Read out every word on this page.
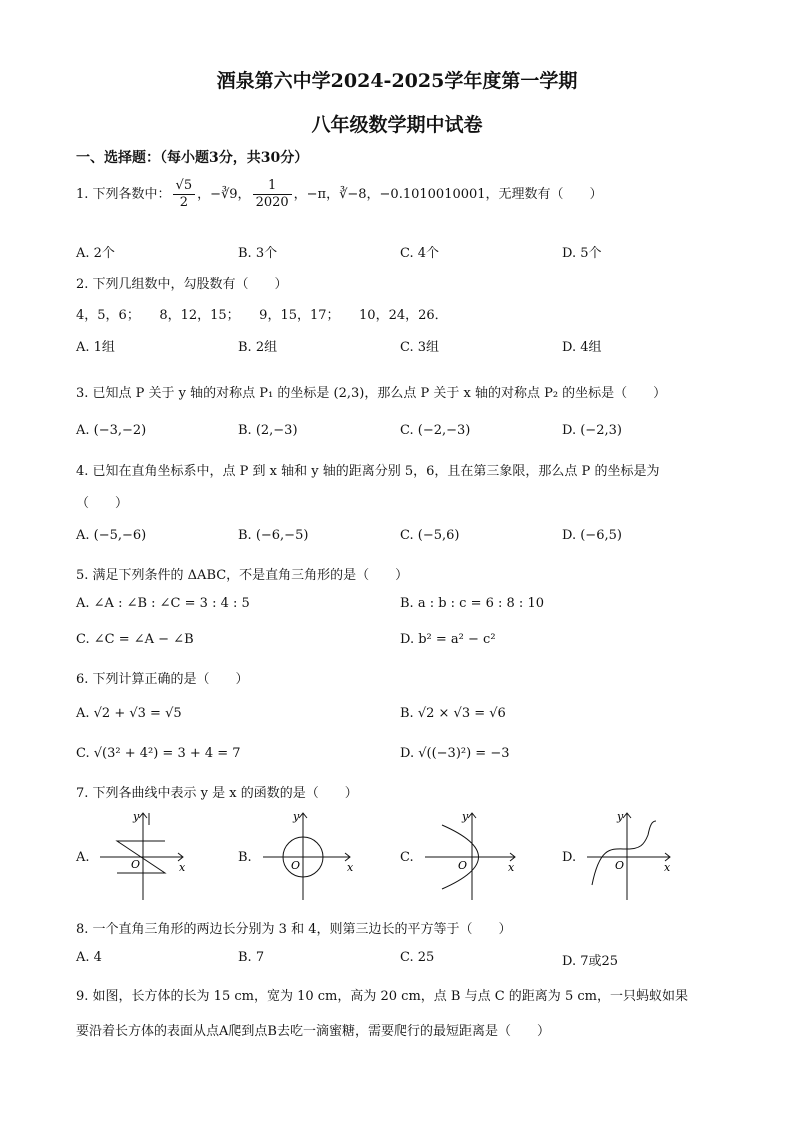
酒泉第六中学2024-2025学年度第一学期
八年级数学期中试卷
一、选择题：（每小题3分，共30分）
1. 下列各数中： $\frac{√5}{2}$ ，−∛9， $\frac{1}{2020}$ ，−π，∛−8，−0.1010010001，无理数有（　　）
A. 2个	B. 3个	C. 4个	D. 5个
2. 下列几组数中，勾股数有（　　）
4，5，6；　　8，12，15；　　9，15，17；　　10，24，26．
A. 1组	B. 2组	C. 3组	D. 4组
3. 已知点 P 关于 y 轴的对称点 P₁ 的坐标是 (2,3)，那么点 P 关于 x 轴的对称点 P₂ 的坐标是（　　）
A. (−3,−2)	B. (2,−3)	C. (−2,−3)	D. (−2,3)
4. 已知在直角坐标系中，点 P 到 x 轴和 y 轴的距离分别 5，6，且在第三象限，那么点 P 的坐标是为
（　　）
A. (−5,−6)	B. (−6,−5)	C. (−5,6)	D. (−6,5)
5. 满足下列条件的 ΔABC，不是直角三角形的是（　　）
A. ∠A : ∠B : ∠C = 3 : 4 : 5	B. a : b : c = 6 : 8 : 10
C. ∠C = ∠A − ∠B	D. b² = a² − c²
6. 下列计算正确的是（　　）
A. √2 + √3 = √5	B. √2 × √3 = √6
C. √(3² + 4²) = 3 + 4 = 7	D. √((−3)²) = −3
7. 下列各曲线中表示 y 是 x 的函数的是（　　）
A.
y
x
O	B.
y
x
O
C.
y
x
O
D.
y
x
O
8. 一个直角三角形的两边长分别为 3 和 4，则第三边长的平方等于（　　）
A. 4	B. 7	C. 25	D. 7或25
9. 如图，长方体的长为 15 cm，宽为 10 cm，高为 20 cm，点 B 与点 C 的距离为 5 cm，一只蚂蚁如果
要沿着长方体的表面从点A爬到点B去吃一滴蜜糖，需要爬行的最短距离是（　　）
